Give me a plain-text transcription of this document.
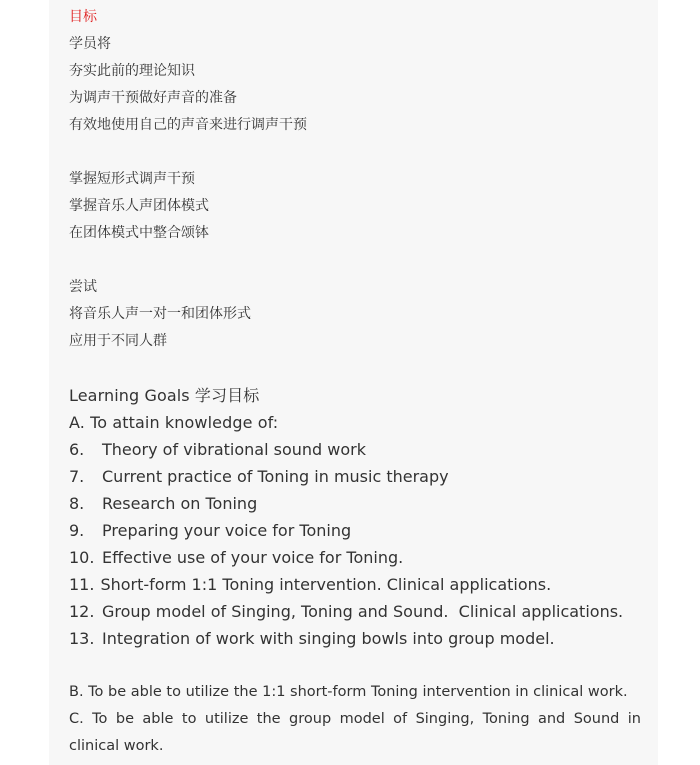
目标
学员将
夯实此前的理论知识
为调声干预做好声音的准备
有效地使用自己的声音来进行调声干预
掌握短形式调声干预
掌握音乐人声团体模式
在团体模式中整合颂钵
尝试
将音乐人声一对一和团体形式
应用于不同人群
Learning Goals 学习目标
A. To attain knowledge of:
6.	Theory of vibrational sound work
7.	Current practice of Toning in music therapy
8.	Research on Toning
9.	Preparing your voice for Toning
10. Effective use of your voice for Toning.
11. Short-form 1:1 Toning intervention. Clinical applications.
12. Group model of Singing, Toning and Sound.  Clinical applications.
13. Integration of work with singing bowls into group model.
B. To be able to utilize the 1:1 short-form Toning intervention in clinical work.
C. To be able to utilize the group model of Singing, Toning and Sound in clinical work.
